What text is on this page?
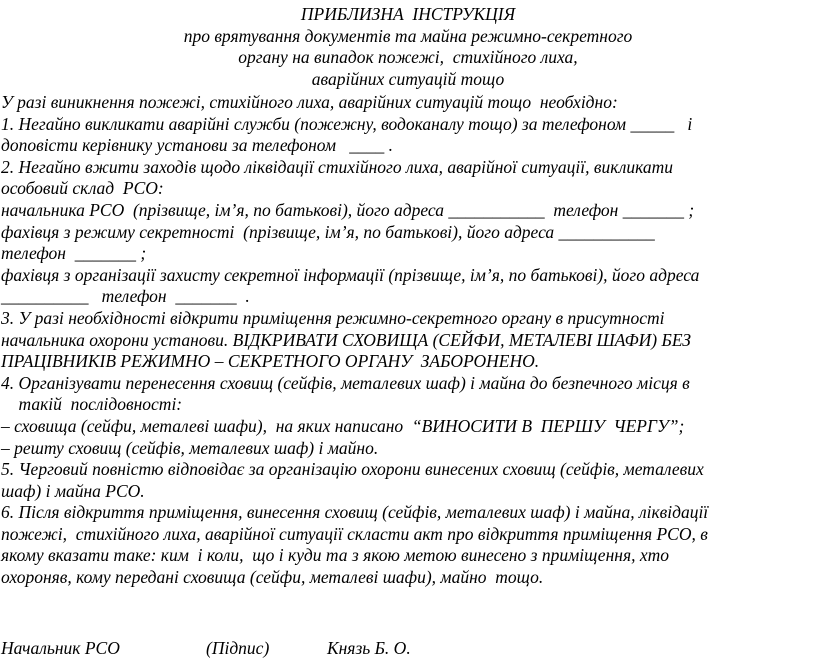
ПРИБЛИЗНА  ІНСТРУКЦІЯ
про врятування документів та майна режимно-секретного
органу на випадок пожежі,  стихійного лиха,
аварійних ситуацій тощо
У разі виникнення пожежі, стихійного лиха, аварійних ситуацій тощо  необхідно:
1. Негайно викликати аварійні служби (пожежну, водоканалу тощо) за телефоном _____   і
доповісти керівнику установи за телефоном   ____ .
2. Негайно вжити заходів щодо ліквідації стихійного лиха, аварійної ситуації, викликати
особовий склад  РСО:
начальника РСО  (прізвище, ім’я, по батькові), його адреса ___________  телефон _______ ;
фахівця з режиму секретності  (прізвище, ім’я, по батькові), його адреса ___________
телефон  _______ ;
фахівця з організації захисту секретної інформації (прізвище, ім’я, по батькові), його адреса
__________   телефон  _______  .
3. У разі необхідності відкрити приміщення режимно-секретного органу в присутності
начальника охорони установи. ВІДКРИВАТИ СХОВИЩА (СЕЙФИ, МЕТАЛЕВІ ШАФИ) БЕЗ
ПРАЦІВНИКІВ РЕЖИМНО – СЕКРЕТНОГО ОРГАНУ  ЗАБОРОНЕНО.
4. Організувати перенесення сховищ (сейфів, металевих шаф) і майна до безпечного місця в
такій  послідовності:
– сховища (сейфи, металеві шафи),  на яких написано  “ВИНОСИТИ В  ПЕРШУ  ЧЕРГУ”;
– решту сховищ (сейфів, металевих шаф) і майно.
5. Черговий повністю відповідає за організацію охорони винесених сховищ (сейфів, металевих
шаф) і майна РСО.
6. Після відкриття приміщення, винесення сховищ (сейфів, металевих шаф) і майна, ліквідації
пожежі,  стихійного лиха, аварійної ситуації скласти акт про відкриття приміщення РСО, в
якому вказати таке: ким  і коли,  що і куди та з якою метою винесено з приміщення, хто
охороняв, кому передані сховища (сейфи, металеві шафи), майно  тощо.
Начальник РСО	(Підпис)	Князь Б. О.
